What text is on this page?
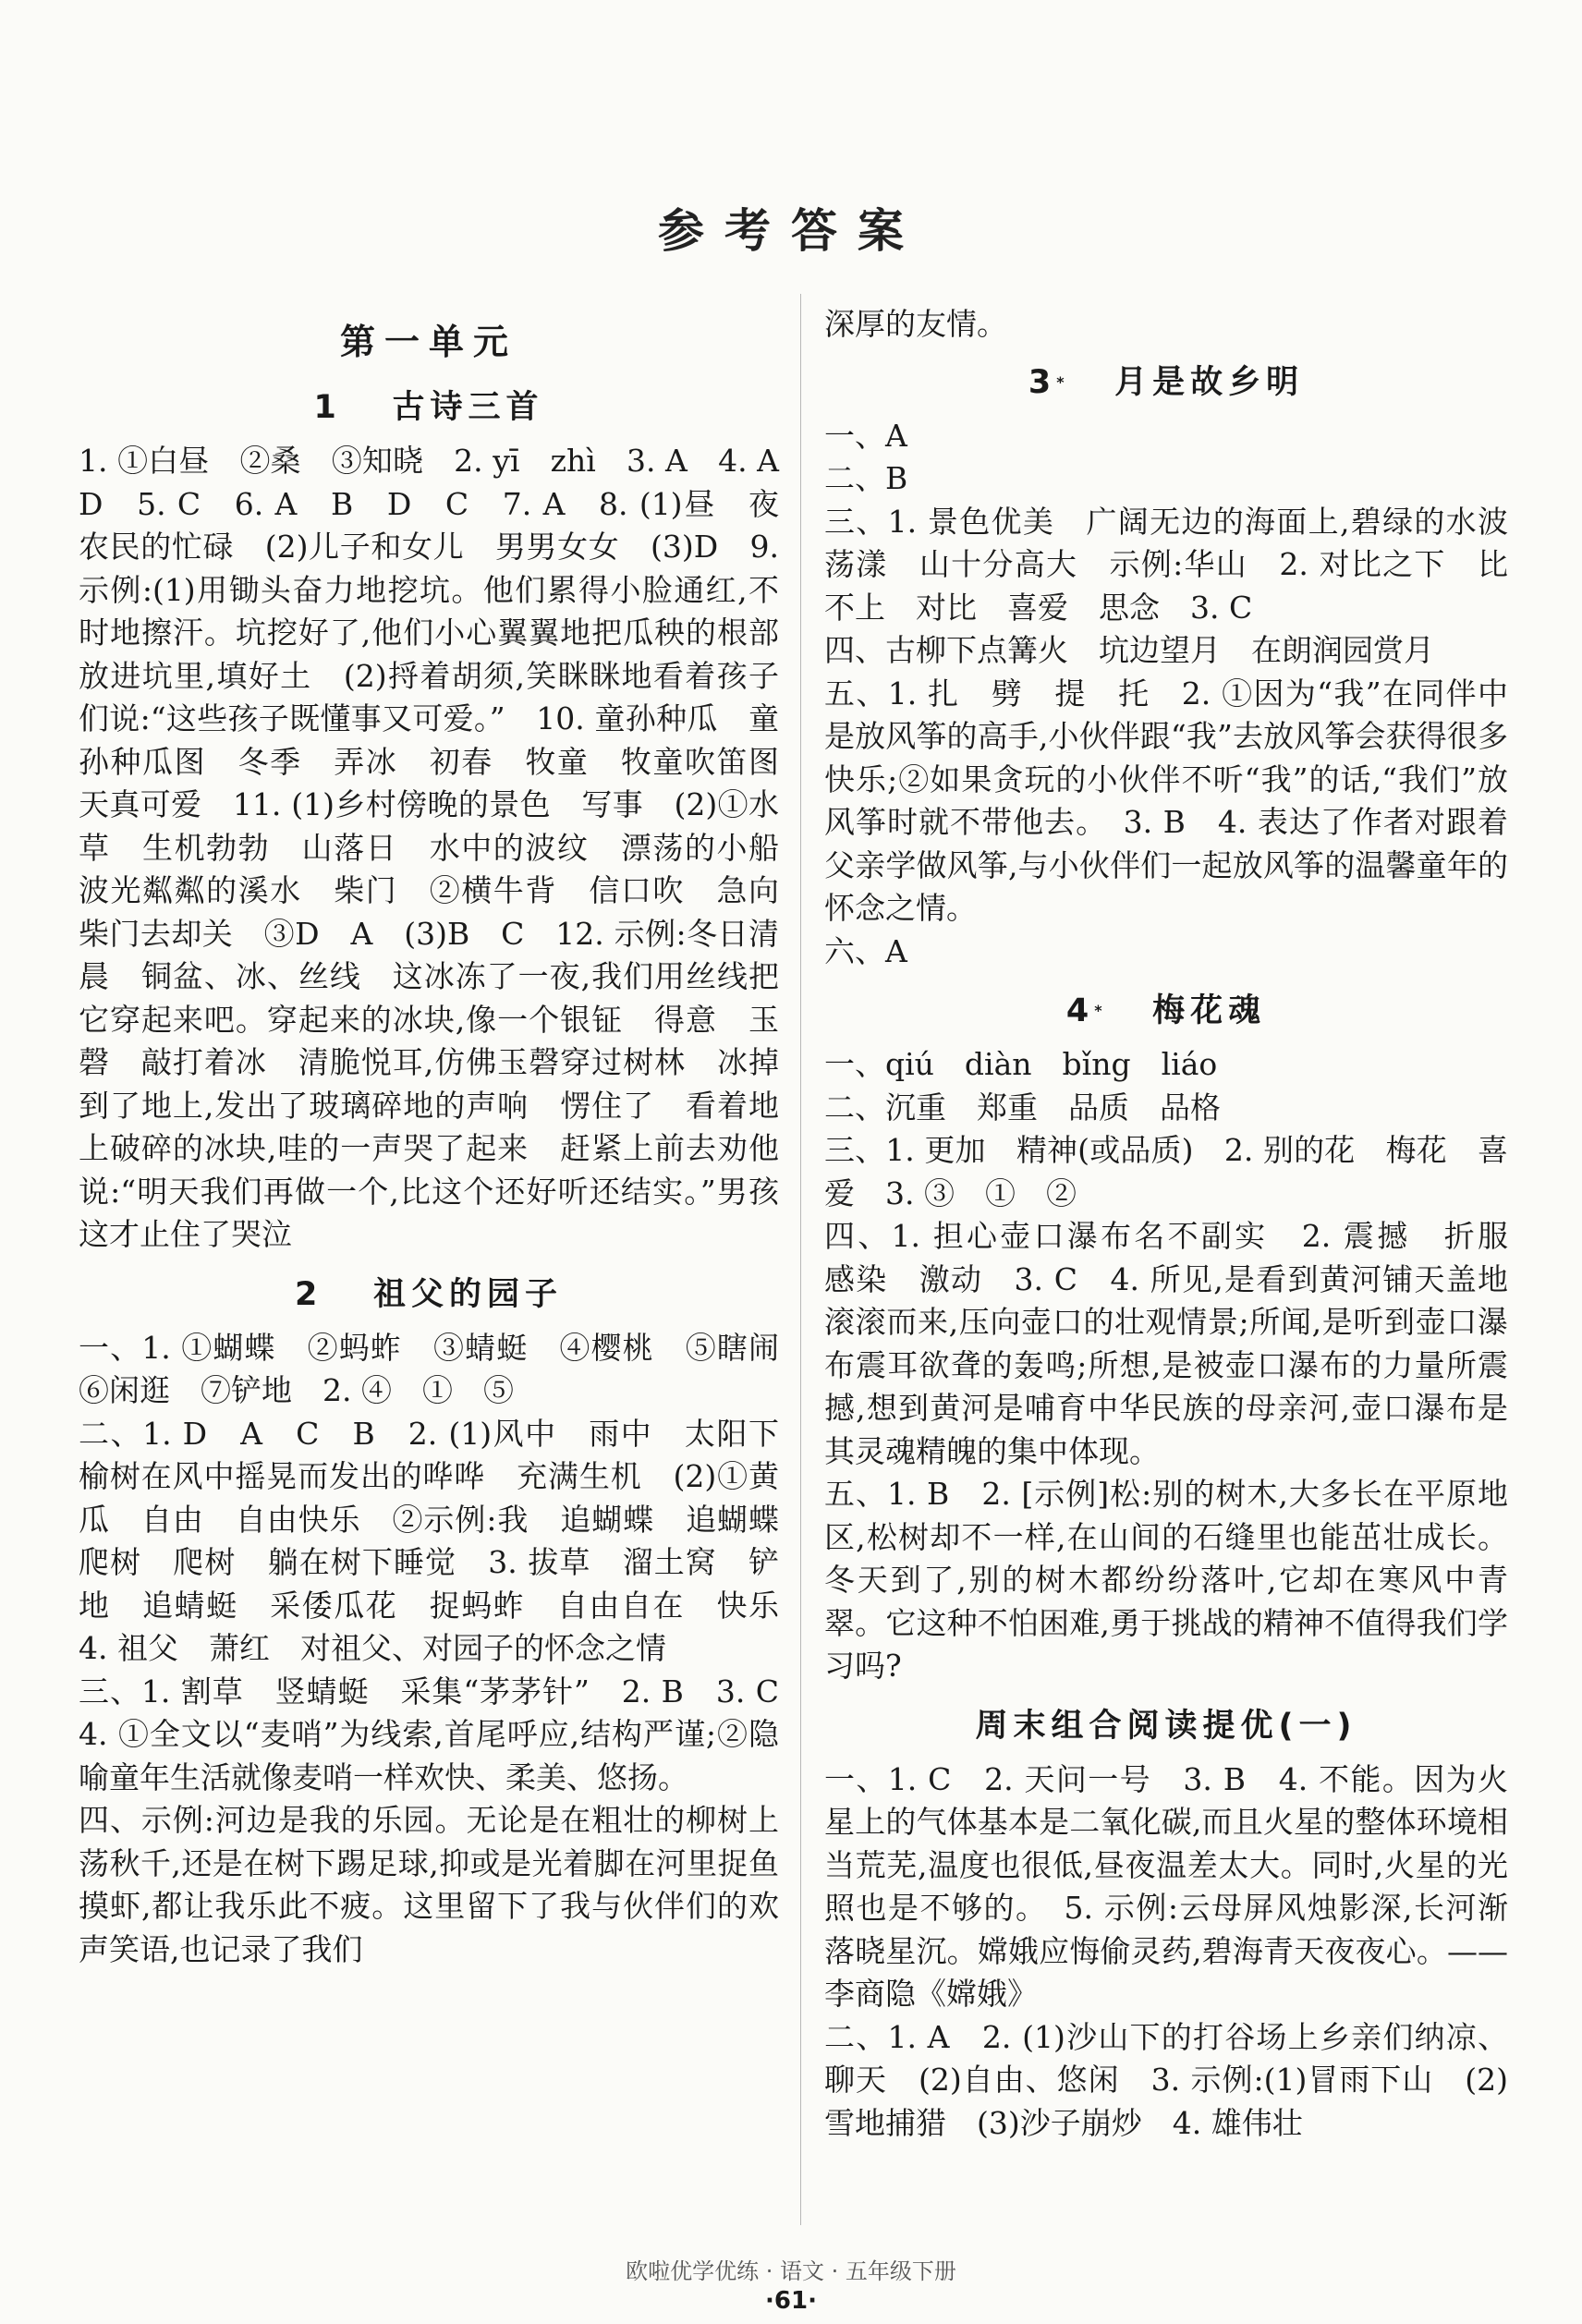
参考答案
第一单元
1 古诗三首

1. ①白昼　②桑　③知晓　2. yī　zhì　3. A　4. A　D　5. C　6. A　B　D　C　7. A　8. (1)昼　夜　农民的忙碌　(2)儿子和女儿　男男女女　(3)D　9. 示例:(1)用锄头奋力地挖坑。他们累得小脸通红,不时地擦汗。坑挖好了,他们小心翼翼地把瓜秧的根部放进坑里,填好土　(2)捋着胡须,笑眯眯地看着孩子们说:“这些孩子既懂事又可爱。”　10. 童孙种瓜　童孙种瓜图　冬季　弄冰　初春　牧童　牧童吹笛图　天真可爱　11. (1)乡村傍晚的景色　写事　(2)①水草　生机勃勃　山落日　水中的波纹　漂荡的小船　波光粼粼的溪水　柴门　②横牛背　信口吹　急向柴门去却关　③D　A　(3)B　C　12. 示例:冬日清晨　铜盆、冰、丝线　这冰冻了一夜,我们用丝线把它穿起来吧。穿起来的冰块,像一个银钲　得意　玉磬　敲打着冰　清脆悦耳,仿佛玉磬穿过树林　冰掉到了地上,发出了玻璃碎地的声响　愣住了　看着地上破碎的冰块,哇的一声哭了起来　赶紧上前去劝他说:“明天我们再做一个,比这个还好听还结实。”男孩这才止住了哭泣

2 祖父的园子

一、1. ①蝴蝶　②蚂蚱　③蜻蜓　④樱桃　⑤瞎闹　⑥闲逛　⑦铲地　2. ④　①　⑤

二、1. D　A　C　B　2. (1)风中　雨中　太阳下　榆树在风中摇晃而发出的哗哗　充满生机　(2)①黄瓜　自由　自由快乐　②示例:我　追蝴蝶　追蝴蝶　爬树　爬树　躺在树下睡觉　3. 拔草　溜土窝　铲地　追蜻蜓　采倭瓜花　捉蚂蚱　自由自在　快乐　4. 祖父　萧红　对祖父、对园子的怀念之情

三、1. 割草　竖蜻蜓　采集“茅茅针”　2. B　3. C　4. ①全文以“麦哨”为线索,首尾呼应,结构严谨;②隐喻童年生活就像麦哨一样欢快、柔美、悠扬。

四、示例:河边是我的乐园。无论是在粗壮的柳树上荡秋千,还是在树下踢足球,抑或是光着脚在河里捉鱼摸虾,都让我乐此不疲。这里留下了我与伙伴们的欢声笑语,也记录了我们

深厚的友情。

3* 月是故乡明

一、A

二、B

三、1. 景色优美　广阔无边的海面上,碧绿的水波荡漾　山十分高大　示例:华山　2. 对比之下　比不上　对比　喜爱　思念　3. C

四、古柳下点篝火　坑边望月　在朗润园赏月

五、1. 扎　劈　提　托　2. ①因为“我”在同伴中是放风筝的高手,小伙伴跟“我”去放风筝会获得很多快乐;②如果贪玩的小伙伴不听“我”的话,“我们”放风筝时就不带他去。　3. B　4. 表达了作者对跟着父亲学做风筝,与小伙伴们一起放风筝的温馨童年的怀念之情。

六、A

4* 梅花魂

一、qiú　diàn　bǐng　liáo

二、沉重　郑重　品质　品格

三、1. 更加　精神(或品质)　2. 别的花　梅花　喜爱　3. ③　①　②

四、1. 担心壶口瀑布名不副实　2. 震撼　折服　感染　激动　3. C　4. 所见,是看到黄河铺天盖地滚滚而来,压向壶口的壮观情景;所闻,是听到壶口瀑布震耳欲聋的轰鸣;所想,是被壶口瀑布的力量所震撼,想到黄河是哺育中华民族的母亲河,壶口瀑布是其灵魂精魄的集中体现。

五、1. B　2. [示例]松:别的树木,大多长在平原地区,松树却不一样,在山间的石缝里也能茁壮成长。冬天到了,别的树木都纷纷落叶,它却在寒风中青翠。它这种不怕困难,勇于挑战的精神不值得我们学习吗?

周末组合阅读提优(一)

一、1. C　2. 天问一号　3. B　4. 不能。因为火星上的气体基本是二氧化碳,而且火星的整体环境相当荒芜,温度也很低,昼夜温差太大。同时,火星的光照也是不够的。　5. 示例:云母屏风烛影深,长河渐落晓星沉。嫦娥应悔偷灵药,碧海青天夜夜心。——李商隐《嫦娥》

二、1. A　2. (1)沙山下的打谷场上乡亲们纳凉、聊天　(2)自由、悠闲　3. 示例:(1)冒雨下山　(2)雪地捕猎　(3)沙子崩炒　4. 雄伟壮

欧啦优学优练 · 语文 · 五年级下册
·61·
